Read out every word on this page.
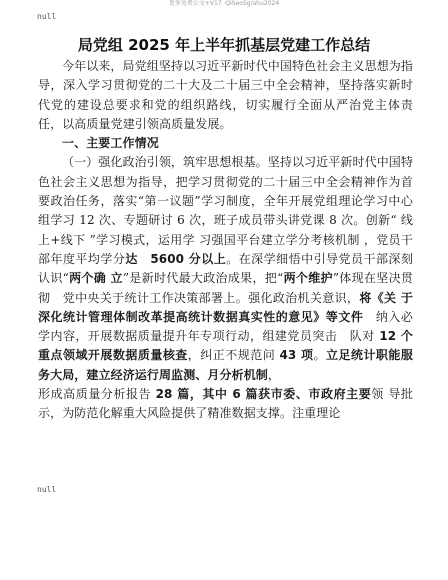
更多免费公文+V17 ·QiSeoSg/ahu2024
null
局党组 2025 年上半年抓基层党建工作总结

今年以来，局党组坚持以习近平新时代中国特色社会主义思想为指导，深入学习贯彻党的二十大及二十届三中全会精神，坚持落实新时代党的建设总要求和党的组织路线，切实履行全面从严治党主体责任，以高质量党建引领高质量发展。

一、主要工作情况

（一）强化政治引领，筑牢思想根基。坚持以习近平新时代中国特色社会主义思想为指导，把学习贯彻党的二十届三中全会精神作为首要政治任务，落实“第一议题”学习制度，全年开展党组理论学习中心组学习 12 次、专题研讨 6 次，班子成员带头讲党课 8 次。创新“ 线上+线下 ”学习模式，运用学 习强国平台建立学分考核机制 ，党员干部年度平均学分达　5600 分以上。在深学细悟中引导党员干部深刻认识“两个确 立”是新时代最大政治成果，把“两个维护”体现在坚决贯彻　党中央关于统计工作决策部署上。强化政治机关意识，将《关 于深化统计管理体制改革提高统计数据真实性的意见》等文件　纳入必学内容，开展数据质量提升年专项行动，组建党员突击　队对 12 个重点领域开展数据质量核查，纠正不规范问 43 项。立足统计职能服务大局，建立经济运行周监测、月分析机制，

形成高质量分析报告 28 篇，其中 6 篇获市委、市政府主要领 导批示，为防范化解重大风险提供了精准数据支撑。注重理论

null
